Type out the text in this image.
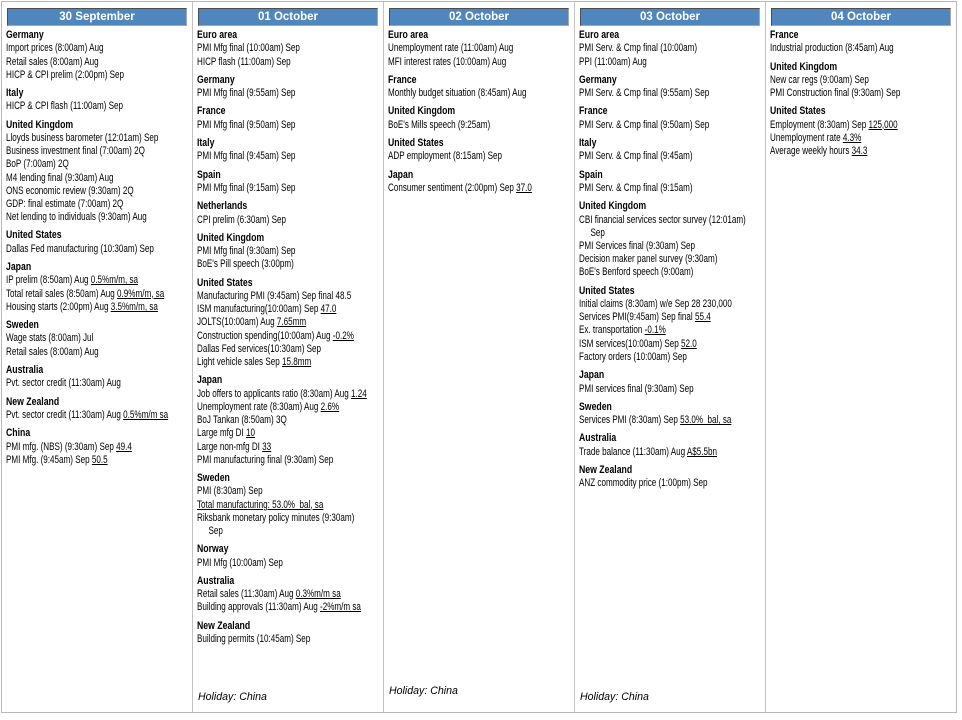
30 September
Germany
Import prices (8:00am) Aug
Retail sales (8:00am) Aug
HICP & CPI prelim (2:00pm) Sep
Italy
HICP & CPI flash (11:00am) Sep
United Kingdom
Lloyds business barometer (12:01am) Sep
Business investment final (7:00am) 2Q
BoP (7:00am) 2Q
M4 lending final (9:30am) Aug
ONS economic review (9:30am) 2Q
GDP: final estimate (7:00am) 2Q
Net lending to individuals (9:30am) Aug
United States
Dallas Fed manufacturing (10:30am) Sep
Japan
IP prelim (8:50am) Aug 0.5%m/m, sa
Total retail sales (8:50am) Aug 0.9%m/m, sa
Housing starts (2:00pm) Aug 3.5%m/m, sa
Sweden
Wage stats (8:00am) Jul
Retail sales (8:00am) Aug
Australia
Pvt. sector credit (11:30am) Aug
New Zealand
Pvt. sector credit (11:30am) Aug 0.5%m/m sa
China
PMI mfg. (NBS) (9:30am) Sep 49.4
PMI Mfg. (9:45am) Sep 50.5
01 October
Euro area
PMI Mfg final (10:00am) Sep
HICP flash (11:00am) Sep
Germany
PMI Mfg final (9:55am) Sep
France
PMI Mfg final (9:50am) Sep
Italy
PMI Mfg final (9:45am) Sep
Spain
PMI Mfg final (9:15am) Sep
Netherlands
CPI prelim (6:30am) Sep
United Kingdom
PMI Mfg final (9:30am) Sep
BoE's Pill speech (3:00pm)
United States
Manufacturing PMI (9:45am) Sep final 48.5
ISM manufacturing(10:00am) Sep 47.0
JOLTS(10:00am) Aug 7.65mm
Construction spending(10:00am) Aug -0.2%
Dallas Fed services(10:30am) Sep
Light vehicle sales Sep 15.8mm
Japan
Job offers to applicants ratio (8:30am) Aug 1.24
Unemployment rate (8:30am) Aug 2.6%
BoJ Tankan (8:50am) 3Q
Large mfg DI 10
Large non-mfg DI 33
PMI manufacturing final (9:30am) Sep
Sweden
PMI (8:30am) Sep
Total manufacturing: 53.0%  bal, sa
Riksbank monetary policy minutes (9:30am)
Sep
Norway
PMI Mfg (10:00am) Sep
Australia
Retail sales (11:30am) Aug 0.3%m/m sa
Building approvals (11:30am) Aug -2%m/m sa
New Zealand
Building permits (10:45am) Sep
Holiday: China
02 October
Euro area
Unemployment rate (11:00am) Aug
MFI interest rates (10:00am) Aug
France
Monthly budget situation (8:45am) Aug
United Kingdom
BoE's Mills speech (9:25am)
United States
ADP employment (8:15am) Sep
Japan
Consumer sentiment (2:00pm) Sep 37.0
Holiday: China
03 October
Euro area
PMI Serv. & Cmp final (10:00am)
PPI (11:00am) Aug
Germany
PMI Serv. & Cmp final (9:55am) Sep
France
PMI Serv. & Cmp final (9:50am) Sep
Italy
PMI Serv. & Cmp final (9:45am)
Spain
PMI Serv. & Cmp final (9:15am)
United Kingdom
CBI financial services sector survey (12:01am)
Sep
PMI Services final (9:30am) Sep
Decision maker panel survey (9:30am)
BoE's Benford speech (9:00am)
United States
Initial claims (8:30am) w/e Sep 28 230,000
Services PMI(9:45am) Sep final 55.4
Ex. transportation -0.1%
ISM services(10:00am) Sep 52.0
Factory orders (10:00am) Sep
Japan
PMI services final (9:30am) Sep
Sweden
Services PMI (8:30am) Sep 53.0%  bal, sa
Australia
Trade balance (11:30am) Aug A$5.5bn
New Zealand
ANZ commodity price (1:00pm) Sep
Holiday: China
04 October
France
Industrial production (8:45am) Aug
United Kingdom
New car regs (9:00am) Sep
PMI Construction final (9:30am) Sep
United States
Employment (8:30am) Sep 125,000
Unemployment rate 4.3%
Average weekly hours 34.3
